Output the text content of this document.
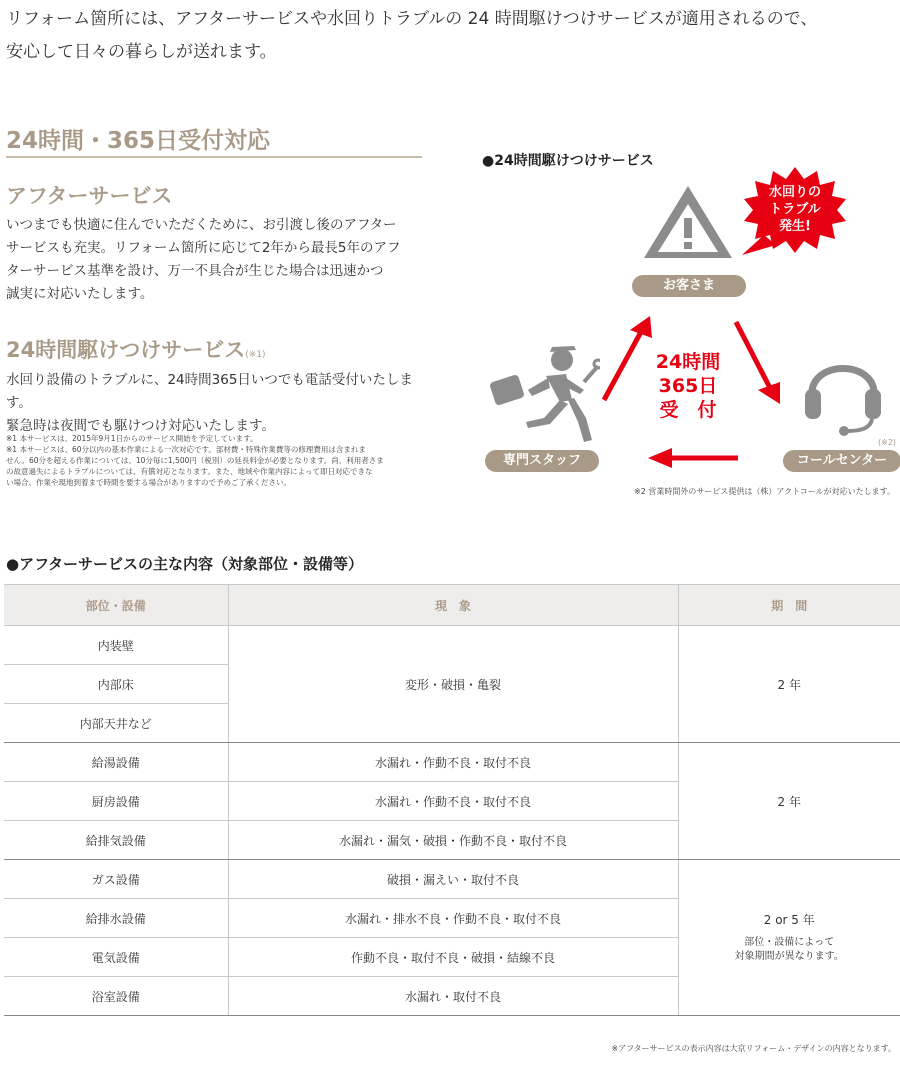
リフォーム箇所には、アフターサービスや水回りトラブルの 24 時間駆けつけサービスが適用されるので、
安心して日々の暮らしが送れます。
24時間・365日受付対応
アフターサービス
いつまでも快適に住んでいただくために、お引渡し後のアフター
サービスも充実。リフォーム箇所に応じて2年から最長5年のアフ
ターサービス基準を設け、万一不具合が生じた場合は迅速かつ
誠実に対応いたします。
24時間駆けつけサービス(※1)
水回り設備のトラブルに、24時間365日いつでも電話受付いたします。
緊急時は夜間でも駆けつけ対応いたします。
※1 本サービスは、2015年9月1日からのサービス開始を予定しています。
※1 本サービスは、60分以内の基本作業による一次対応です。部材費・特殊作業費等の修理費用は含まれま
せん。60分を超える作業については、10分毎に1,500円（税別）の延長料金が必要となります。尚、利用者さま
の故意過失によるトラブルについては、有償対応となります。また、地域や作業内容によって即日対応できな
い場合、作業や現地到着まで時間を要する場合がありますので予めご了承ください。
●24時間駆けつけサービス
水回りの
トラブル
発生!
お客さま
24時間
365日
受　付
専門スタッフ
(※2)
コールセンター
※2 営業時間外のサービス提供は（株）アクトコールが対応いたします。
●アフターサービスの主な内容（対象部位・設備等）
部位・設備	現　象	期　間
内装壁	変形・破損・亀裂	2 年
内部床		
内部天井など		
給湯設備	水漏れ・作動不良・取付不良	2 年
厨房設備	水漏れ・作動不良・取付不良	
給排気設備	水漏れ・漏気・破損・作動不良・取付不良	
ガス設備	破損・漏えい・取付不良	2 or 5 年
部位・設備によって
対象期間が異なります。

給排水設備	水漏れ・排水不良・作動不良・取付不良	
電気設備	作動不良・取付不良・破損・結線不良	
浴室設備	水漏れ・取付不良	
※アフターサービスの表示内容は大京リフォーム・デザインの内容となります。
